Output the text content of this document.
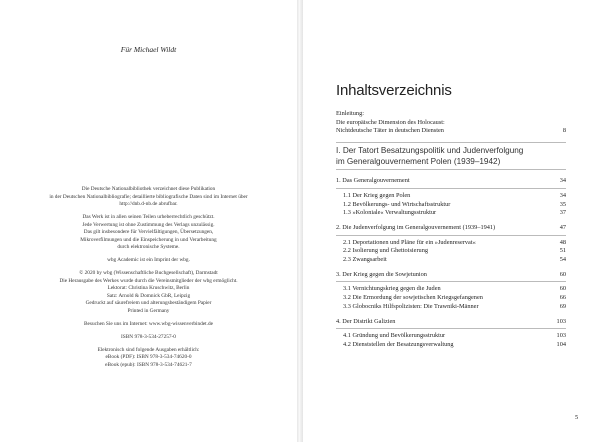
Für Michael Wildt
Die Deutsche Nationalbibliothek verzeichnet diese Publikation
in der Deutschen Nationalbibliografie; detaillierte bibliografische Daten sind im Internet über
http://dnb.d-nb.de abrufbar.
Das Werk ist in allen seinen Teilen urheberrechtlich geschützt.
Jede Verwertung ist ohne Zustimmung des Verlags unzulässig.
Das gilt insbesondere für Vervielfältigungen, Übersetzungen,
Mikroverfilmungen und die Einspeicherung in und Verarbeitung
durch elektronische Systeme.
wbg Academic ist ein Imprint der wbg.
© 2020 by wbg (Wissenschaftliche Buchgesellschaft), Darmstadt
Die Herausgabe des Werkes wurde durch die Vereinsmitglieder der wbg ermöglicht.
Lektorat: Christina Kruschwitz, Berlin
Satz: Arnold & Domnick GbR, Leipzig
Gedruckt auf säurefreiem und alterungsbeständigem Papier
Printed in Germany
Besuchen Sie uns im Internet: www.wbg-wissenverbindet.de
ISBN 978-3-534-27257-0
Elektronisch sind folgende Ausgaben erhältlich:
eBook (PDF): ISBN 978-3-534-74620-0
eBook (epub): ISBN 978-3-534-74621-7
Inhaltsverzeichnis
Einleitung:
Die europäische Dimension des Holocaust:
Nichtdeutsche Täter in deutschen Diensten	8
I. Der Tatort Besatzungspolitik und Judenverfolgung
im Generalgouvernement Polen (1939–1942)
1. Das Generalgouvernement	34
1.1 Der Krieg gegen Polen	34
1.2 Bevölkerungs- und Wirtschaftsstruktur	35
1.3 »Koloniale« Verwaltungsstruktur	37
2. Die Judenverfolgung im Generalgouvernement (1939–1941)	47
2.1 Deportationen und Pläne für ein »Judenreservat«	48
2.2 Isolierung und Ghettoisierung	51
2.3 Zwangsarbeit	54
3. Der Krieg gegen die Sowjetunion	60
3.1 Vernichtungskrieg gegen die Juden	60
3.2 Die Ermordung der sowjetischen Kriegsgefangenen	66
3.3 Globocniks Hilfspolizisten: Die Trawniki-Männer	69
4. Der Distrikt Galizien	103
4.1 Gründung und Bevölkerungsstruktur	103
4.2 Dienststellen der Besatzungsverwaltung	104
5
